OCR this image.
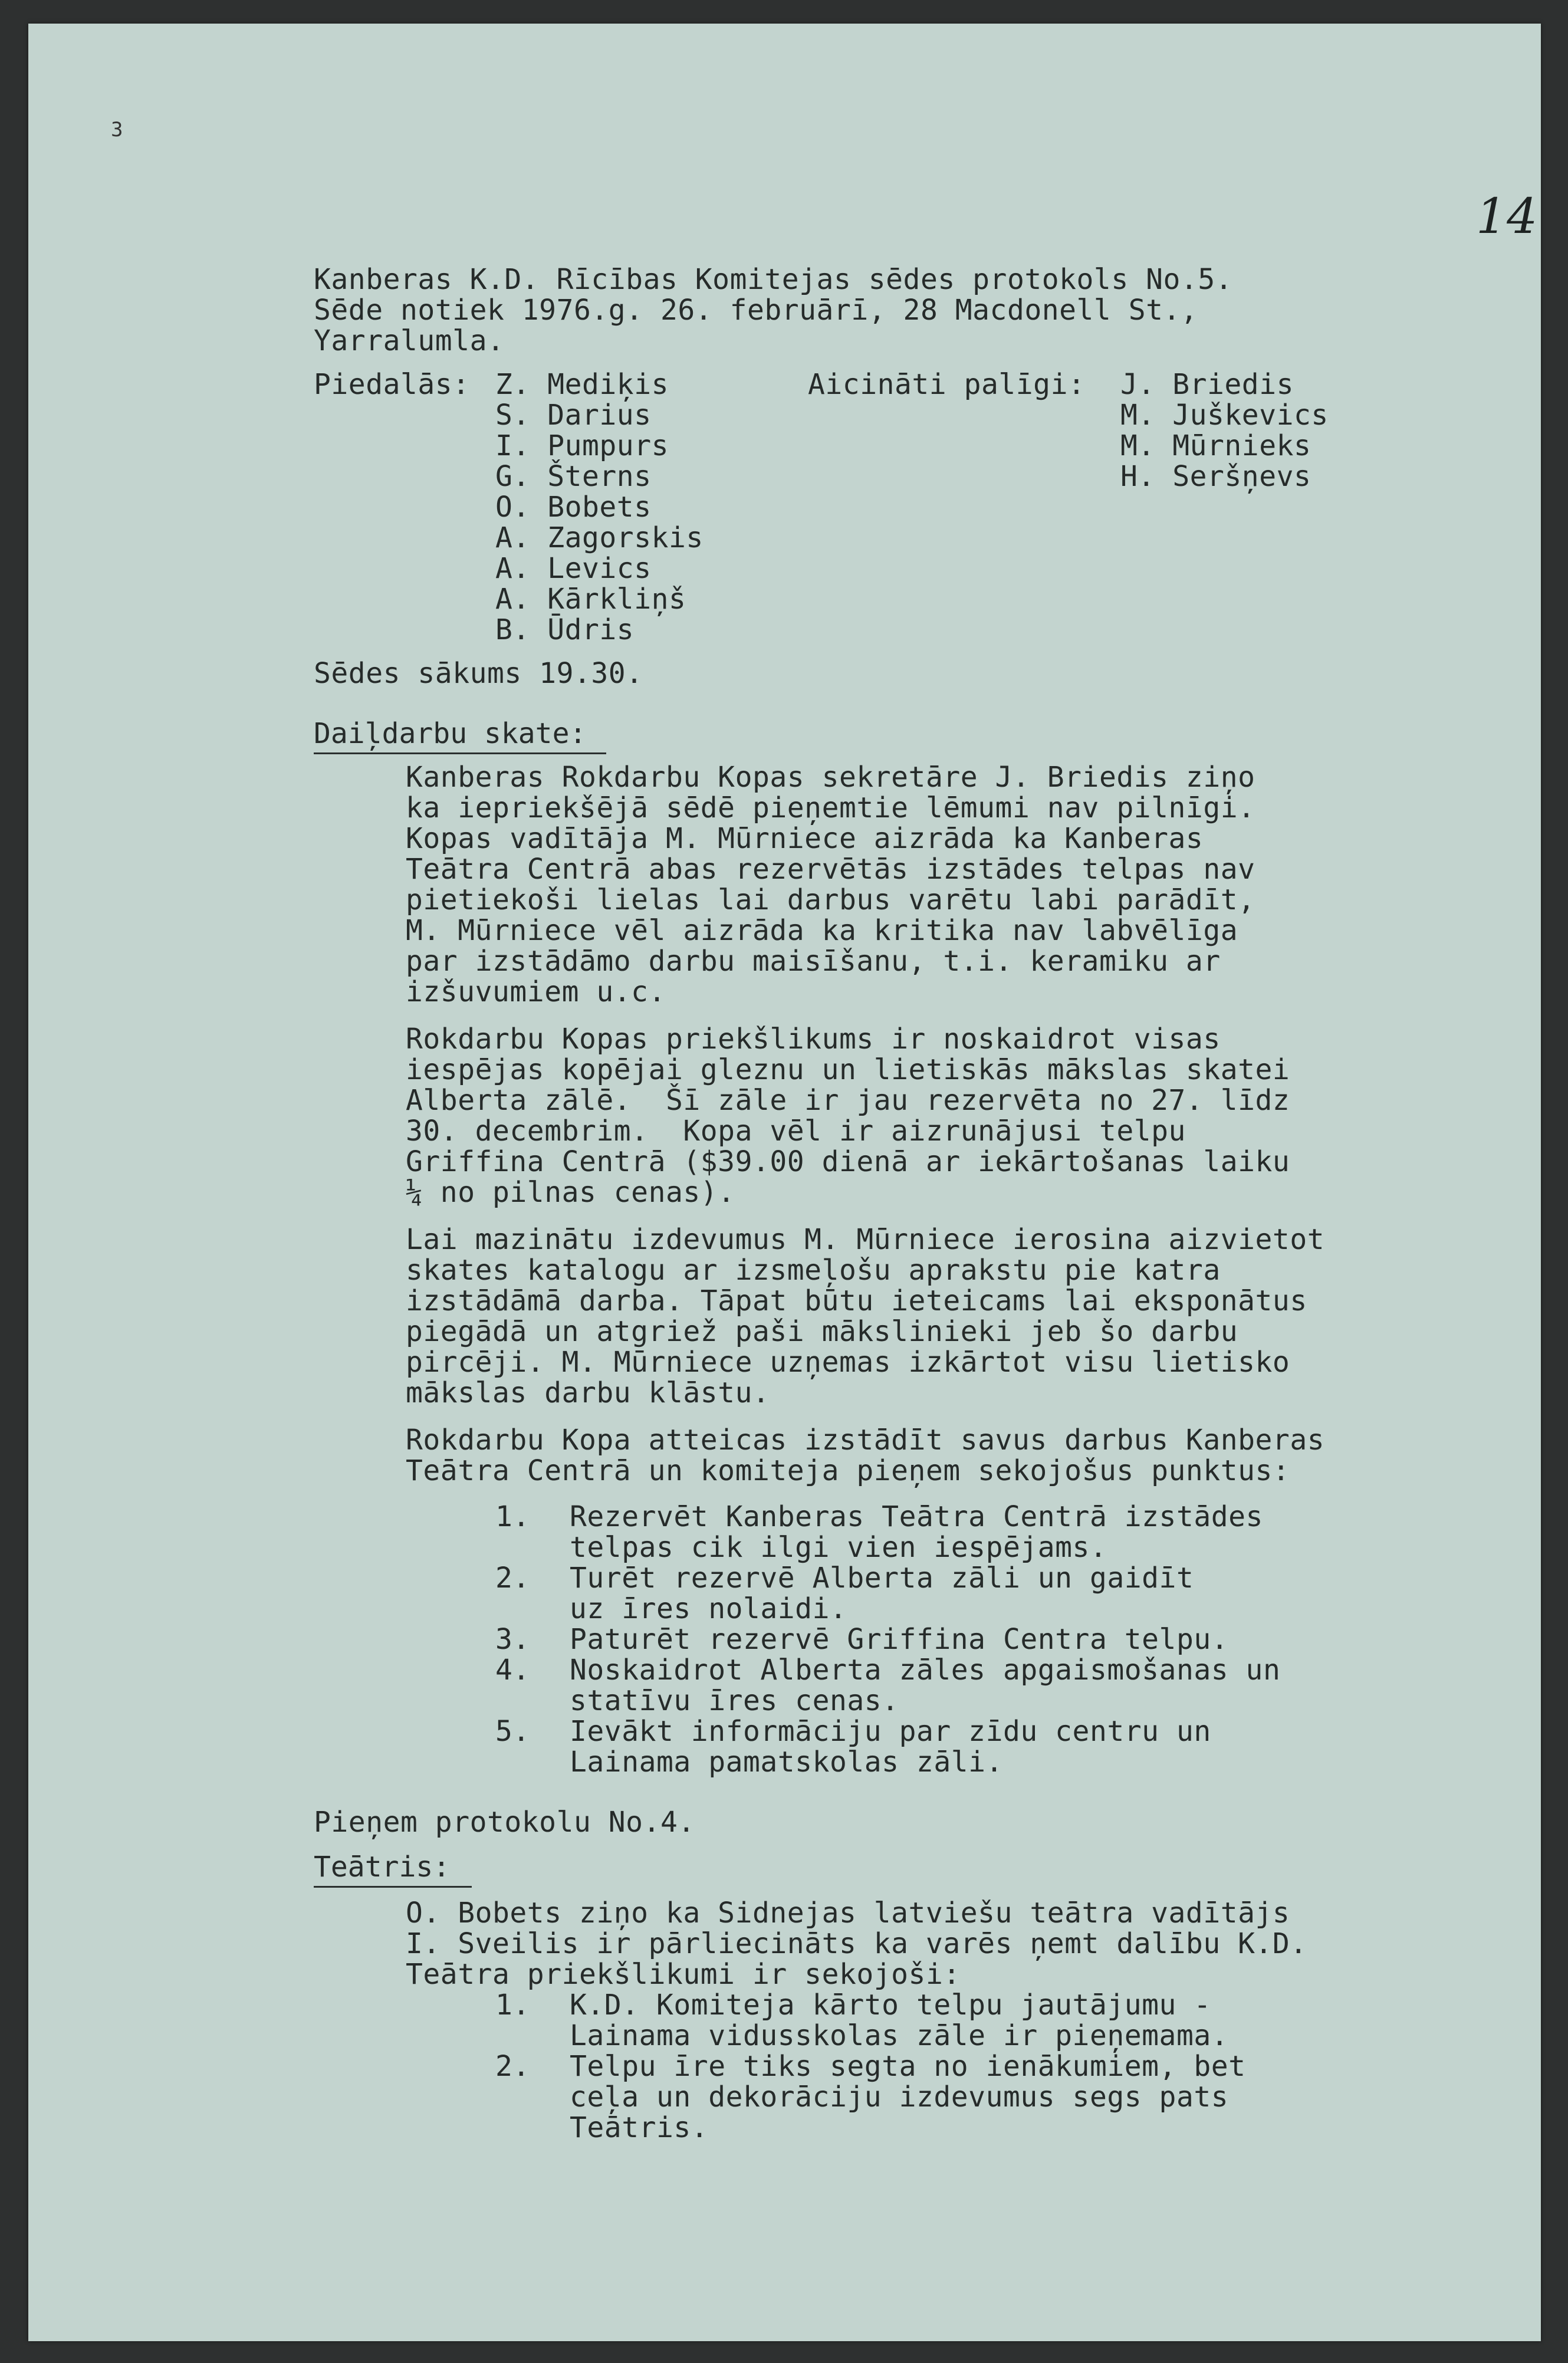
3
14
Kanberas K.D. Rīcības Komitejas sēdes protokols No.5.
Sēde notiek 1976.g. 26. februārī, 28 Macdonell St.,
Yarralumla.
Piedalās: Z. Mediķis
S. Darius
I. Pumpurs
G. Šterns
O. Bobets
A. Zagorskis
A. Levics
A. Kārkliņš
B. Ūdris
Aicināti palīgi: J. Briedis
M. Juškevics
M. Mūrnieks
H. Seršņevs
Sēdes sākums 19.30.
Daiļdarbu skate:
Kanberas Rokdarbu Kopas sekretāre J. Briedis ziņo
ka iepriekšējā sēdē pieņemtie lēmumi nav pilnīgi.
Kopas vadītāja M. Mūrniece aizrāda ka Kanberas
Teātra Centrā abas rezervētās izstādes telpas nav
pietiekoši lielas lai darbus varētu labi parādīt,
M. Mūrniece vēl aizrāda ka kritika nav labvēlīga
par izstādāmo darbu maisīšanu, t.i. keramiku ar
izšuvumiem u.c.
Rokdarbu Kopas priekšlikums ir noskaidrot visas
iespējas kopējai gleznu un lietiskās mākslas skatei
Alberta zālē.  Šī zāle ir jau rezervēta no 27. līdz
30. decembrim.  Kopa vēl ir aizrunājusi telpu
Griffina Centrā ($39.00 dienā ar iekārtošanas laiku
¼ no pilnas cenas).
Lai mazinātu izdevumus M. Mūrniece ierosina aizvietot
skates katalogu ar izsmeļošu aprakstu pie katra
izstādāmā darba. Tāpat būtu ieteicams lai eksponātus
piegādā un atgriež paši mākslinieki jeb šo darbu
pircēji. M. Mūrniece uzņemas izkārtot visu lietisko
mākslas darbu klāstu.
Rokdarbu Kopa atteicas izstādīt savus darbus Kanberas
Teātra Centrā un komiteja pieņem sekojošus punktus:
1. Rezervēt Kanberas Teātra Centrā izstādes
telpas cik ilgi vien iespējams.
2. Turēt rezervē Alberta zāli un gaidīt
uz īres nolaidi.
3. Paturēt rezervē Griffina Centra telpu.
4. Noskaidrot Alberta zāles apgaismošanas un
statīvu īres cenas.
5. Ievākt informāciju par zīdu centru un
Lainama pamatskolas zāli.
Pieņem protokolu No.4.
Teātris:
O. Bobets ziņo ka Sidnejas latviešu teātra vadītājs
I. Sveilis ir pārliecināts ka varēs ņemt dalību K.D.
Teātra priekšlikumi ir sekojoši:
1. K.D. Komiteja kārto telpu jautājumu -
Lainama vidusskolas zāle ir pieņemama.
2. Telpu īre tiks segta no ienākumiem, bet
ceļa un dekorāciju izdevumus segs pats
Teātris.
